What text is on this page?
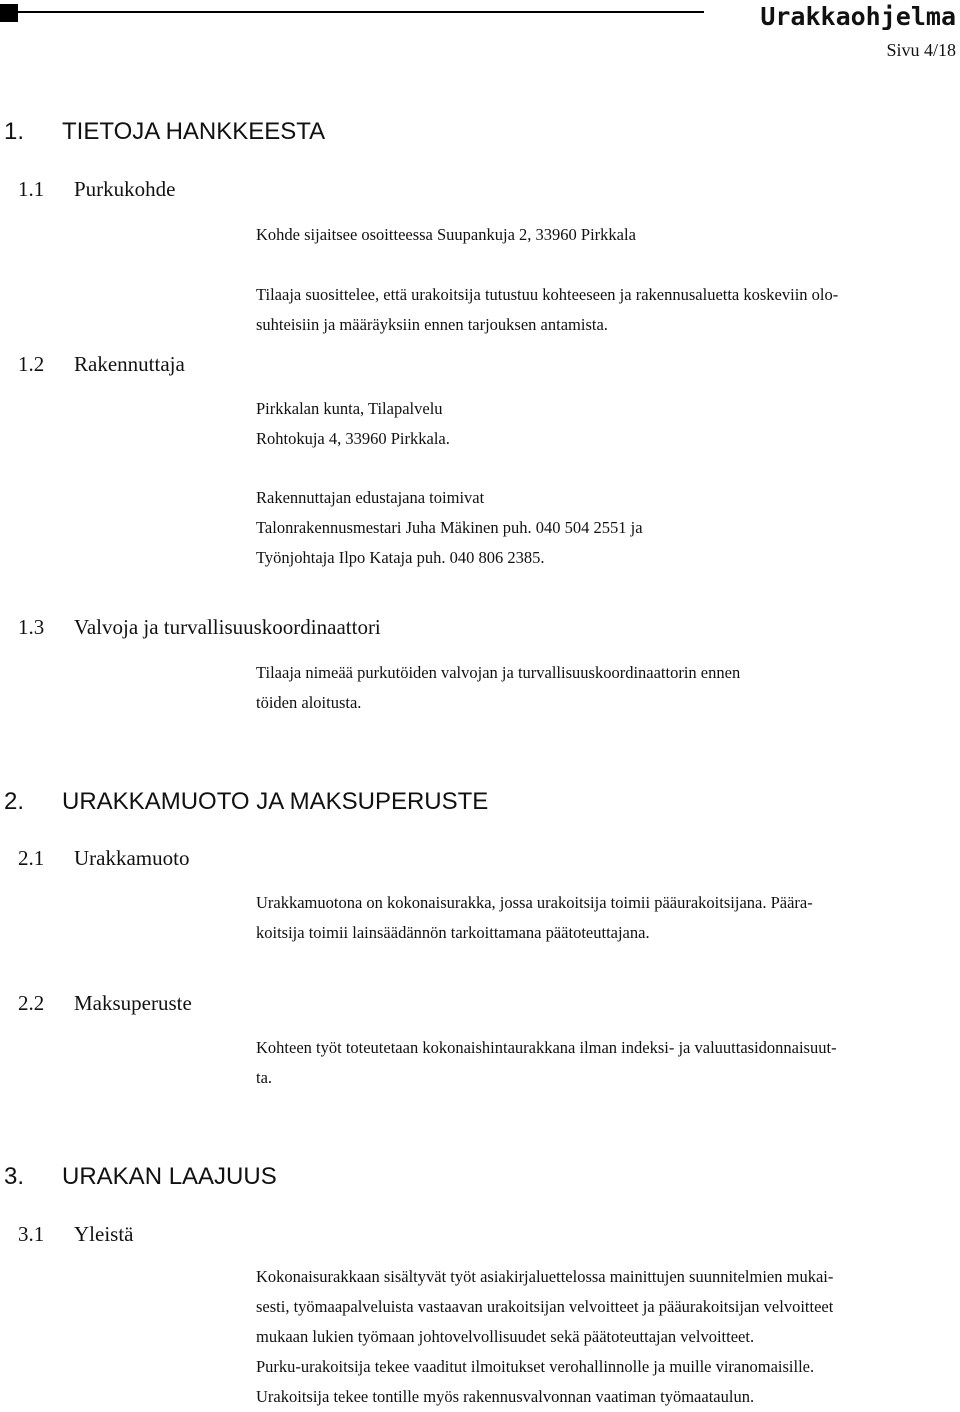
Urakkaohjelma
Sivu 4/18
1. TIETOJA HANKKEESTA
1.1 Purkukohde
Kohde sijaitsee osoitteessa Suupankuja 2, 33960 Pirkkala
Tilaaja suosittelee, että urakoitsija tutustuu kohteeseen ja rakennusaluetta koskeviin olo-
suhteisiin ja määräyksiin ennen tarjouksen antamista.
1.2 Rakennuttaja
Pirkkalan kunta, Tilapalvelu
Rohtokuja 4, 33960 Pirkkala.
Rakennuttajan edustajana toimivat
Talonrakennusmestari Juha Mäkinen puh. 040 504 2551 ja
Työnjohtaja Ilpo Kataja puh. 040 806 2385.
1.3 Valvoja ja turvallisuuskoordinaattori
Tilaaja nimeää purkutöiden valvojan ja turvallisuuskoordinaattorin ennen
töiden aloitusta.
2. URAKKAMUOTO JA MAKSUPERUSTE
2.1 Urakkamuoto
Urakkamuotona on kokonaisurakka, jossa urakoitsija toimii pääurakoitsijana. Päära-
koitsija toimii lainsäädännön tarkoittamana päätoteuttajana.
2.2 Maksuperuste
Kohteen työt toteutetaan kokonaishintaurakkana ilman indeksi- ja valuuttasidonnaisuut-
ta.
3. URAKAN LAAJUUS
3.1 Yleistä
Kokonaisurakkaan sisältyvät työt asiakirjaluettelossa mainittujen suunnitelmien mukai-
sesti, työmaapalveluista vastaavan urakoitsijan velvoitteet ja pääurakoitsijan velvoitteet
mukaan lukien työmaan johtovelvollisuudet sekä päätoteuttajan velvoitteet.
Purku-urakoitsija tekee vaaditut ilmoitukset verohallinnolle ja muille viranomaisille.
Urakoitsija tekee tontille myös rakennusvalvonnan vaatiman työmaataulun.
